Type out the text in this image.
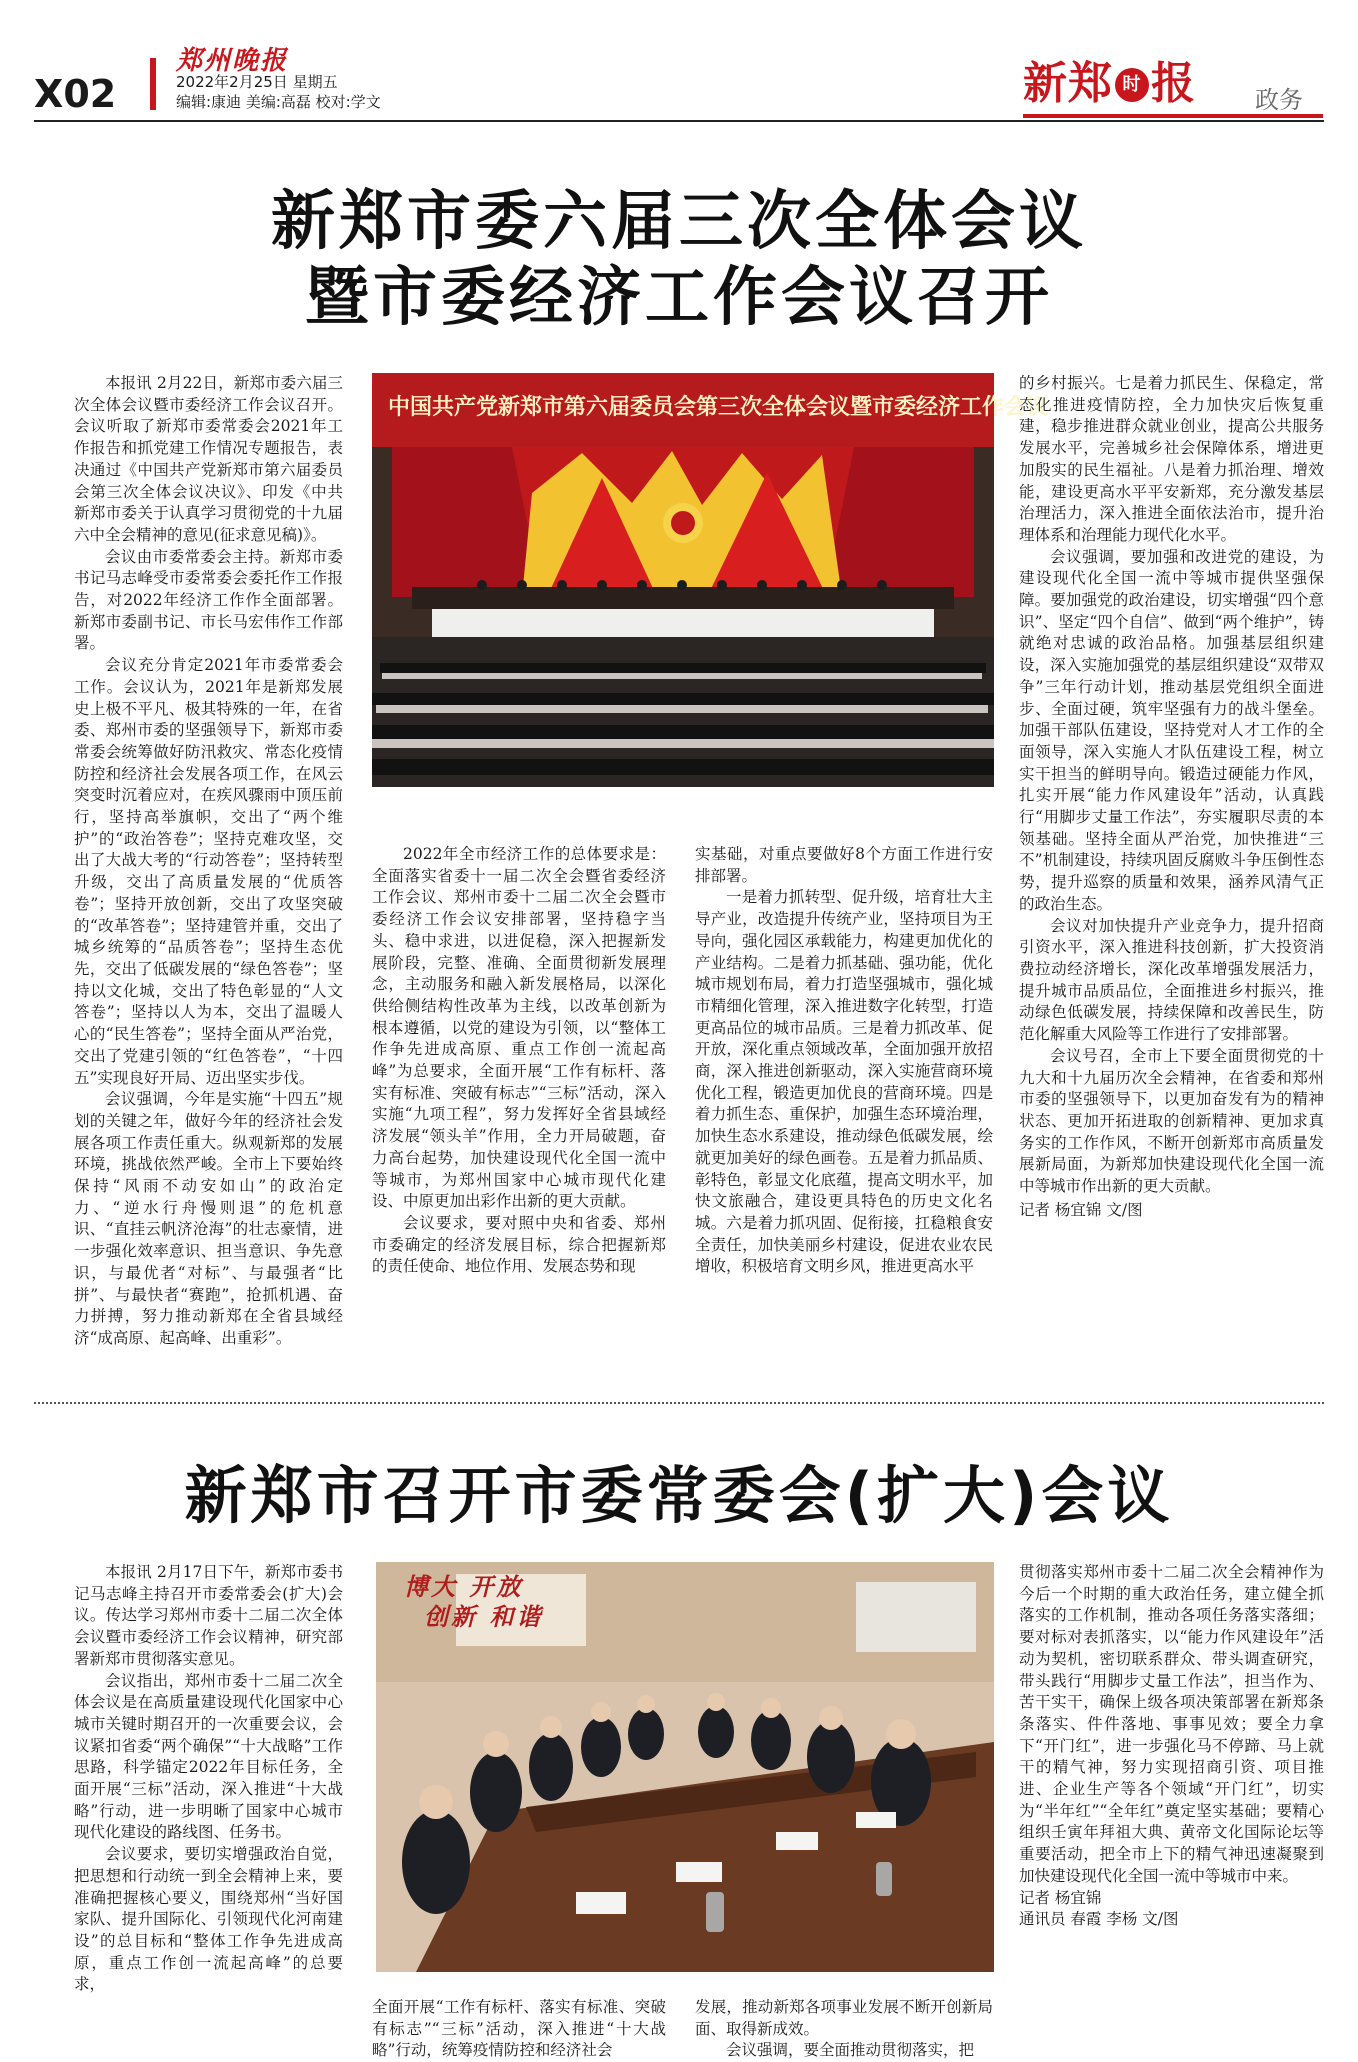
X02
郑州晚报
2022年2月25日 星期五
编辑:康迪 美编:高磊 校对:学文	新郑 时 报 政务
新郑市委六届三次全体会议
暨市委经济工作会议召开
中国共产党新郑市第六届委员会第三次全体会议暨市委经济工作会议

本报讯 2月22日，新郑市委六届三次全体会议暨市委经济工作会议召开。会议听取了新郑市委常委会2021年工作报告和抓党建工作情况专题报告，表决通过《中国共产党新郑市第六届委员会第三次全体会议决议》、印发《中共新郑市委关于认真学习贯彻党的十九届六中全会精神的意见(征求意见稿)》。

会议由市委常委会主持。新郑市委书记马志峰受市委常委会委托作工作报告，对2022年经济工作作全面部署。新郑市委副书记、市长马宏伟作工作部署。

会议充分肯定2021年市委常委会工作。会议认为，2021年是新郑发展史上极不平凡、极其特殊的一年，在省委、郑州市委的坚强领导下，新郑市委常委会统筹做好防汛救灾、常态化疫情防控和经济社会发展各项工作，在风云突变时沉着应对，在疾风骤雨中顶压前行，坚持高举旗帜，交出了“两个维护”的“政治答卷”；坚持克难攻坚，交出了大战大考的“行动答卷”；坚持转型升级，交出了高质量发展的“优质答卷”；坚持开放创新，交出了攻坚突破的“改革答卷”；坚持建管并重，交出了城乡统筹的“品质答卷”；坚持生态优先，交出了低碳发展的“绿色答卷”；坚持以文化城，交出了特色彰显的“人文答卷”；坚持以人为本，交出了温暖人心的“民生答卷”；坚持全面从严治党，交出了党建引领的“红色答卷”，“十四五”实现良好开局、迈出坚实步伐。

会议强调，今年是实施“十四五”规划的关键之年，做好今年的经济社会发展各项工作责任重大。纵观新郑的发展环境，挑战依然严峻。全市上下要始终保持“风雨不动安如山”的政治定力、“逆水行舟慢则退”的危机意识、“直挂云帆济沧海”的壮志豪情，进一步强化效率意识、担当意识、争先意识，与最优者“对标”、与最强者“比拼”、与最快者“赛跑”，抢抓机遇、奋力拼搏，努力推动新郑在全省县域经济“成高原、起高峰、出重彩”。

2022年全市经济工作的总体要求是：全面落实省委十一届二次全会暨省委经济工作会议、郑州市委十二届二次全会暨市委经济工作会议安排部署，坚持稳字当头、稳中求进，以进促稳，深入把握新发展阶段，完整、准确、全面贯彻新发展理念，主动服务和融入新发展格局，以深化供给侧结构性改革为主线，以改革创新为根本遵循，以党的建设为引领，以“整体工作争先进成高原、重点工作创一流起高峰”为总要求，全面开展“工作有标杆、落实有标准、突破有标志”“三标”活动，深入实施“九项工程”，努力发挥好全省县域经济发展“领头羊”作用，全力开局破题，奋力高台起势，加快建设现代化全国一流中等城市，为郑州国家中心城市现代化建设、中原更加出彩作出新的更大贡献。

会议要求，要对照中央和省委、郑州市委确定的经济发展目标，综合把握新郑的责任使命、地位作用、发展态势和现

实基础，对重点要做好8个方面工作进行安排部署。

一是着力抓转型、促升级，培育壮大主导产业，改造提升传统产业，坚持项目为王导向，强化园区承载能力，构建更加优化的产业结构。二是着力抓基础、强功能，优化城市规划布局，着力打造坚强城市，强化城市精细化管理，深入推进数字化转型，打造更高品位的城市品质。三是着力抓改革、促开放，深化重点领域改革，全面加强开放招商，深入推进创新驱动，深入实施营商环境优化工程，锻造更加优良的营商环境。四是着力抓生态、重保护，加强生态环境治理，加快生态水系建设，推动绿色低碳发展，绘就更加美好的绿色画卷。五是着力抓品质、彰特色，彰显文化底蕴，提高文明水平，加快文旅融合，建设更具特色的历史文化名城。六是着力抓巩固、促衔接，扛稳粮食安全责任，加快美丽乡村建设，促进农业农民增收，积极培育文明乡风，推进更高水平

的乡村振兴。七是着力抓民生、保稳定，常态化推进疫情防控，全力加快灾后恢复重建，稳步推进群众就业创业，提高公共服务发展水平，完善城乡社会保障体系，增进更加殷实的民生福祉。八是着力抓治理、增效能，建设更高水平平安新郑，充分激发基层治理活力，深入推进全面依法治市，提升治理体系和治理能力现代化水平。

会议强调，要加强和改进党的建设，为建设现代化全国一流中等城市提供坚强保障。要加强党的政治建设，切实增强“四个意识”、坚定“四个自信”、做到“两个维护”，铸就绝对忠诚的政治品格。加强基层组织建设，深入实施加强党的基层组织建设“双带双争”三年行动计划，推动基层党组织全面进步、全面过硬，筑牢坚强有力的战斗堡垒。加强干部队伍建设，坚持党对人才工作的全面领导，深入实施人才队伍建设工程，树立实干担当的鲜明导向。锻造过硬能力作风，扎实开展“能力作风建设年”活动，认真践行“用脚步丈量工作法”，夯实履职尽责的本领基础。坚持全面从严治党，加快推进“三不”机制建设，持续巩固反腐败斗争压倒性态势，提升巡察的质量和效果，涵养风清气正的政治生态。

会议对加快提升产业竞争力，提升招商引资水平，深入推进科技创新，扩大投资消费拉动经济增长，深化改革增强发展活力，提升城市品质品位，全面推进乡村振兴，推动绿色低碳发展，持续保障和改善民生，防范化解重大风险等工作进行了安排部署。

会议号召，全市上下要全面贯彻党的十九大和十九届历次全会精神，在省委和郑州市委的坚强领导下，以更加奋发有为的精神状态、更加开拓进取的创新精神、更加求真务实的工作作风，不断开创新郑市高质量发展新局面，为新郑加快建设现代化全国一流中等城市作出新的更大贡献。

记者 杨宜锦 文/图
新郑市召开市委常委会(扩大)会议
博大 开放
创新 和谐

本报讯 2月17日下午，新郑市委书记马志峰主持召开市委常委会(扩大)会议。传达学习郑州市委十二届二次全体会议暨市委经济工作会议精神，研究部署新郑市贯彻落实意见。

会议指出，郑州市委十二届二次全体会议是在高质量建设现代化国家中心城市关键时期召开的一次重要会议，会议紧扣省委“两个确保”“十大战略”工作思路，科学锚定2022年目标任务，全面开展“三标”活动，深入推进“十大战略”行动，进一步明晰了国家中心城市现代化建设的路线图、任务书。

会议要求，要切实增强政治自觉，把思想和行动统一到全会精神上来，要准确把握核心要义，围绕郑州“当好国家队、提升国际化、引领现代化河南建设”的总目标和“整体工作争先进成高原，重点工作创一流起高峰”的总要求，

全面开展“工作有标杆、落实有标准、突破有标志”“三标”活动，深入推进“十大战略”行动，统筹疫情防控和经济社会

发展，推动新郑各项事业发展不断开创新局面、取得新成效。

会议强调，要全面推动贯彻落实，把

贯彻落实郑州市委十二届二次全会精神作为今后一个时期的重大政治任务，建立健全抓落实的工作机制，推动各项任务落实落细；要对标对表抓落实，以“能力作风建设年”活动为契机，密切联系群众、带头调查研究，带头践行“用脚步丈量工作法”，担当作为、苦干实干，确保上级各项决策部署在新郑条条落实、件件落地、事事见效；要全力拿下“开门红”，进一步强化马不停蹄、马上就干的精气神，努力实现招商引资、项目推进、企业生产等各个领域“开门红”，切实为“半年红”“全年红”奠定坚实基础；要精心组织壬寅年拜祖大典、黄帝文化国际论坛等重要活动，把全市上下的精气神迅速凝聚到加快建设现代化全国一流中等城市中来。

记者 杨宜锦
通讯员 春霞 李杨 文/图
